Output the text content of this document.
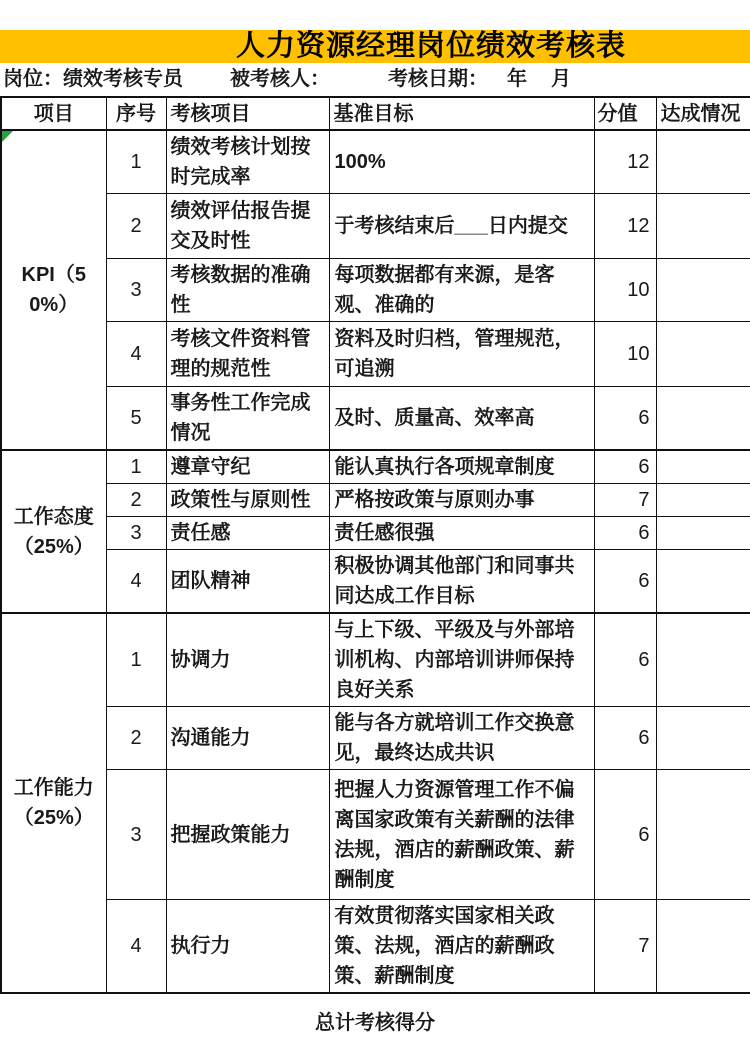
人力资源经理岗位绩效考核表
岗位：绩效考核专员 被考核人：	考核日期： 年 月
项目	序号	考核项目	基准目标	分值	达成情况

KPI（50%）	1	绩效考核计划按时完成率	100%	12	
	2	绩效评估报告提交及时性	于考核结束后___日内提交	12	
	3	考核数据的准确性	每项数据都有来源，是客观、准确的	10	
	4	考核文件资料管理的规范性	资料及时归档，管理规范，可追溯	10	
	5	事务性工作完成情况	及时、质量高、效率高	6	
工作态度（25%）	1	遵章守纪	能认真执行各项规章制度	6	
	2	政策性与原则性	严格按政策与原则办事	7	
	3	责任感	责任感很强	6	
	4	团队精神	积极协调其他部门和同事共同达成工作目标	6	
工作能力（25%）	1	协调力	与上下级、平级及与外部培训机构、内部培训讲师保持良好关系	6	
	2	沟通能力	能与各方就培训工作交换意见，最终达成共识	6	
	3	把握政策能力	把握人力资源管理工作不偏离国家政策有关薪酬的法律法规，酒店的薪酬政策、薪酬制度	6	
	4	执行力	有效贯彻落实国家相关政策、法规，酒店的薪酬政策、薪酬制度	7	
总计考核得分
